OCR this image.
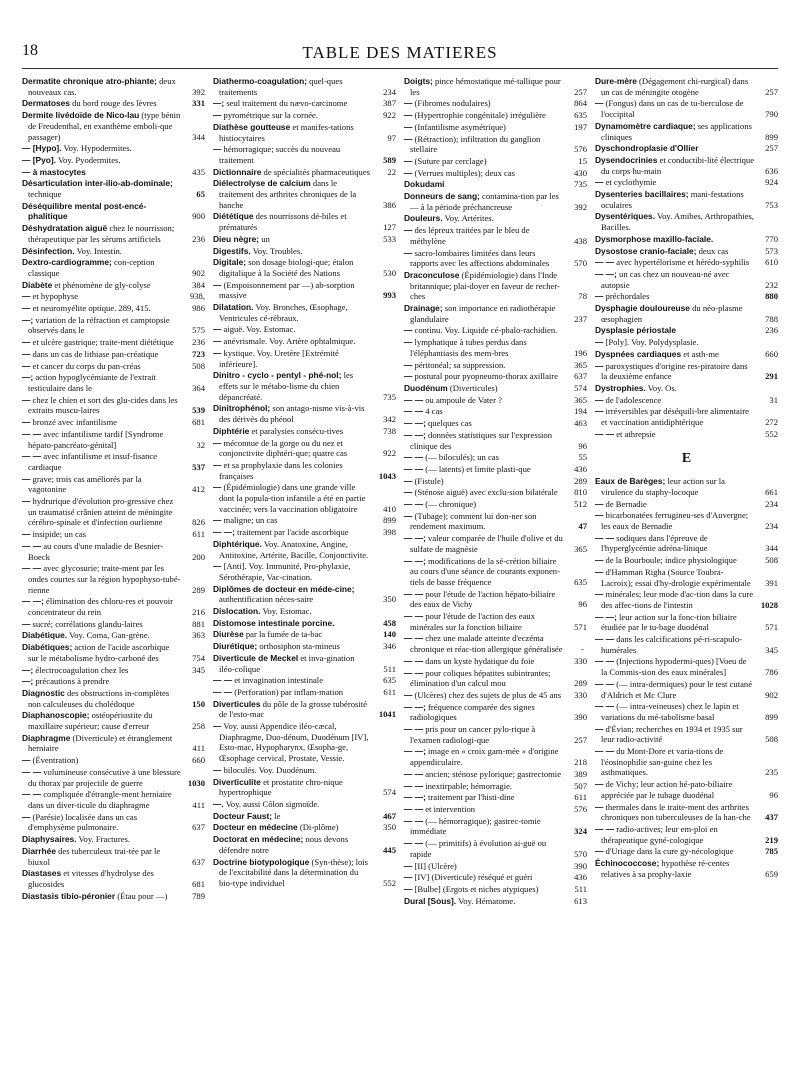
18	TABLE DES MATIERES
Dermatite chronique atro-phiante; deux nouveaux cas.	392
Dermatoses du bord rouge des lèvres	331
Dermite livédoïde de Nico-lau (type bénin de Freudenthal, en exanthème emboli-que passager)	344
— [Hypo]. Voy. Hypodermites.
— [Pyo]. Voy. Pyodermites.
— à mastocytes	435
Désarticulation inter-ilio-ab-dominale; technique	65
Déséquilibre mental post-encé-phalitique	900
Déshydratation aiguë chez le nourrisson; thérapeutique par les sérums artificiels	236
Désinfection. Voy. Intestin.
Dextro-cardiogramme; con-ception classique	902
Diabète et phénomène de gly-colyse	384
— et hypophyse	938,
— et neuromyélite optique. 289, 415.	986
—; variation de la réfraction et camptopsie observés dans le	575
— et ulcère gastrique; traite-ment diététique 236
— dans un cas de lithiase pan-créatique	723
— et cancer du corps du pan-créas	508
—; action hypoglycémiante de l'extrait testiculaire dans le	364
— chez le chien et sort des glu-cides dans les extraits muscu-laires	539
— bronzé avec infantilisme	681
— — avec infantilisme tardif [Syndrome hépato-pancréato-génital]	32
— — avec infantilisme et insuf-fisance cardiaque	537
— grave; trois cas améliorés par la vagotonine	412
— hydrurique d'évolution pro-gressive chez un traumatisé crânien atteint de méningite cérébro-spinale et d'infection ourlienne	826
— insipide; un cas	611
— — au cours d'une maladie de Besnier-Boeck	200
— — avec glycosurie; traite-ment par les ondes courtes sur la région hypophyso-tubé-rienne	289
— —; élimination des chloru-res et pouvoir concentrateur du rein	216
— sucré; corrélations glandu-laires	881
Diabétique. Voy. Coma, Gan-grène.	363
Diabétiques; action de l'acide ascorbique sur le métabolisme hydro-carboné des	754
—; électrocoagulation chez les	345
—; précautions à prendre
Diagnostic des obstructions in-complètes non calculeuses du cholédoque	150
Diaphanoscopie; ostéopériostite du maxillaire supérieur; cause d'erreur	258
Diaphragme (Diverticule) et étranglement herniaire	411
— (Éventration)	660
— — volumineuse consécutive à une blessure du thorax par projectile de guerre	1030
— — compliquée d'étrangle-ment herniaire dans un diver-ticule du diaphragme	411
— (Parésie) localisée dans un cas d'emphysème pulmonaire.	637
Diaphysaires. Voy. Fractures.
Diarrhée des tuberculeux trai-tée par le biuxol	637
Diastases et vitesses d'hydrolyse des glucosides	681
Diastasis tibio-péronier (Étau pour —)	789
Diathermo-coagulation; quel-ques traitements	234
—; seul traitement du nævo-carcinome	387
— pyrométrique sur la cornée.	922
Diathèse goutteuse et manifes-tations histiocytaires	97
— hémorragique; succès du nouveau traitement	589
Dictionnaire de spécialités pharmaceutiques 22
Diélectrolyse de calcium dans le traitement des arthrites chroniques de la hanche	386
Diététique des nourrissons dé-biles et prématurés	127
Dieu nègre; un	533
Digestifs. Voy. Troubles.
Digitale; son dosage biologi-que; étalon digitalique à la Société des Nations	530
— (Empoisonnement par —) ab-sorption massive	993
Dilatation. Voy. Bronches, Œsophage, Ventricules cé-rébraux.
— aiguë. Voy. Estomac.
— anévrismale. Voy. Artère ophtalmique.
— kystique. Voy. Uretère [Extrémité inférieure].
Dinitro - cyclo - pentyl - phé-nol; les effets sur le métabo-lisme du chien dépancréaté.	735
Dinitrophénol; son antago-nisme vis-à-vis des dérivés du phénol	342
Diphtérie et paralysies consécu-tives	738
— méconnue de la gorge ou du nez et conjonctivite diphtéri-que; quatre cas	922
— et sa prophylaxie dans les colonies françaises	1043
— (Épidémiologie) dans une grande ville dont la popula-tion infantile a été en partie vaccinée; vers la vaccination obligatoire	410
— maligne; un cas	899
— —; traitement par l'acide ascorbique	398
Diphtérique. Voy. Anatoxine, Angine, Antitoxine, Artérite, Bacille, Conjonctivite.
— [Anti]. Voy. Immunité, Pro-phylaxie, Sérothérapie, Vac-cination.
Diplômes de docteur en méde-cine; authentification néces-saire	350
Dislocation. Voy. Estomac.
Distomose intestinale porcine.	458
Diurèse par la fumée de ta-bac	140
Diurétique; orthosiphon sta-mineus	346
Diverticule de Meckel et inva-gination iléo-colique	511
— — et invagination intestinale	635
— — (Perforation) par inflam-mation	611
Diverticules du pôle de la grosse tubérosité de l'esto-mac	1041
— Voy. aussi Appendice iléo-cæcal, Diaphragme, Duo-dénum, Duodénum [IV], Esto-mac, Hypopharynx, Œsopha-ge, Œsophage cervical, Prostate, Vessie.
— biloculés. Voy. Duodénum.
Diverticulite et prostatite chro-nique hypertrophique	574
—. Voy. aussi Côlon sigmoïde.
Docteur Faust; le	467
Docteur en médecine (Di-plôme)	350
Doctorat en médecine; nous devons défendre notre	445
Doctrine biotypologique (Syn-thèse); lois de l'excitabilité dans la détermination du bio-type individuel	552
Doigts; pince hémostatique mé-tallique pour les	257
— (Fibromes nodulaires)	864
— (Hypertrophie congénitale) irrégulière	635
— (Infantilisme asymétrique)	197
— (Rétraction); infiltration du ganglion stellaire	576
— (Suture par cerclage)	15
— (Verrues multiples); deux cas	430
Dokudami	735
Donneurs de sang; contamina-tion par les — à la période préchancreuse	392
Douleurs. Voy. Artérites.
— des lépreux traitées par le bleu de méthylène	438
— sacro-lombaires limitées dans leurs rapports avec les affections abdominales	570
Draconculose (Épidémiologie) dans l'Inde britannique; plai-doyer en faveur de recher-ches	78
Drainage; son importance en radiothérapie glandulaire	237
— continu. Voy. Liquide cé-phalo-rachidien.
— lymphatique à tubes perdus dans l'éléphantiasis des mem-bres	196
— péritonéal; sa suppression.	365
— postural pour pyopneumo-thorax axillaire 637
Duodénum (Diverticules)	574
— — ou ampoule de Vater ?	365
— — 4 cas	194
— —; quelques cas	463
— —; données statistiques sur l'expression clinique des	96
— — (— biloculés); un cas	55
— — (— latents) et limite plasti-que	436
— (Fistule)	289
— (Sténose aiguë) avec exclu-sion bilatérale 810
— — (— chronique)	512
— (Tubage); comment lui don-ner son rendement maximum.	47
— —; valeur comparée de l'huile d'olive et du sulfate de magnésie	365
— —; modifications de la sé-crétion biliaire au cours d'une séance de courants exponen-tiels de basse fréquence	635
— — pour l'étude de l'action hépato-biliaire des eaux de Vichy	96
— — pour l'étude de l'action des eaux minérales sur la fonction biliaire	571
— — chez une malade atteinte d'eczéma chronique et réac-tion allergique généralisée -
— — dans un kyste hydatique du foie	330
— — pour coliques hépatites subintrantes; élimination d'un calcul mou	289
— (Ulcères) chez des sujets de plus de 45 ans 330
— —; fréquence comparée des signes radiologiques	390
— — pris pour un cancer pylo-rique à l'examen radiologi-que	257
— —; image en « croix gam-mée » d'origine appendiculaire.	218
— — ancien; sténose pylorique; gastrectomie 389
— — inextirpable; hémorragie.	507
— —; traitement par l'histi-dine	611
— — et intervention	576
— — (— hémorragique); gastrec-tomie immédiate	324
— — (— primitifs) à évolution ai-guë ou rapide	570
— [II] (Ulcère)	390
— [IV] (Diverticule) réséqué et guéri	436
— [Bulbe] (Ergots et niches atypiques)	511
Dural [Sous]. Voy. Hématome.	613
Dure-mère (Dégagement chi-rurgical) dans un cas de méningite otogène	257
— (Fongus) dans un cas de tu-berculose de l'occipital	790
Dynamomètre cardiaque; ses applications cliniques	899
Dyschondroplasie d'Ollier	257
Dysendocrinies et conductibi-lité électrique du corps hu-main	636
— et cyclothymie	924
Dysenteries bacillaires; mani-festations oculaires	753
Dysentériques. Voy. Amibes, Arthropathies, Bacilles.
Dysmorphose maxillo-faciale.	770
Dysostose cranio-faciale; deux cas	573
— — avec hypertélorisme et hérédo-syphilis 610
— —; un cas chez un nouveau-né avec autopsie	232
— préchordales	880
Dysphagie douloureuse du néo-plasme œsophagien	788
Dysplasie périostale	236
— [Poly]. Voy. Polydysplasie.
Dyspnées cardiaques et asth-me	660
— paroxystiques d'origine res-piratoire dans la deuxième enfance	291
Dystrophies. Voy. Os.
— de l'adolescence	31
— irréversibles par déséquili-bre alimentaire et vaccination antidiphtérique	272
— — et athrepsie	552
E
Eaux de Barèges; leur action sur la virulence du staphy-locoque	661
— de Bernadie	234
— bicarbonatées ferrugineu-ses d'Auvergne; les eaux de Bernadie	234
— — sodiques dans l'épreuve de l'hyperglycémie adréna-linique	344
— de la Bourboule; indice physiologique	508
— d'Hamman Righa (Source Toubra-Lacroix); essai d'hy-drologie expérimentale 391
— minérales; leur mode d'ac-tion dans la cure des affec-tions de l'intestin	1028
— —; leur action sur la fonc-tion biliaire étudiée par le tu-bage duodénal	571
— — dans les calcifications pé-ri-scapulo-humérales	345
— — (Injections hypodermi-ques) [Voeu de la Commis-sion des eaux minérales]	786
— — (— intra-dermiques) pour le test cutané d'Aldrich et Mc Clure	902
— — (— intra-veineuses) chez le lapin et variations du mé-tabolisme basal	899
— d'Évian; recherches en 1934 et 1935 sur leur radio-activité	508
— — du Mont-Dore et varia-tions de l'éosinophilie san-guine chez les asthmatiques.	235
— de Vichy; leur action hé-pato-biliaire appréciée par le tubage duodénal	96
— thermales dans le traite-ment des arthrites chroniques non tuberculeuses de la han-che 437
— — radio-actives; leur em-ploi en thérapeutique gyné-cologique	219
— d'Uriage dans la cure gy-nécologique	785
Échinococcose; hypothèse ré-centes relatives à sa prophy-laxie	659
